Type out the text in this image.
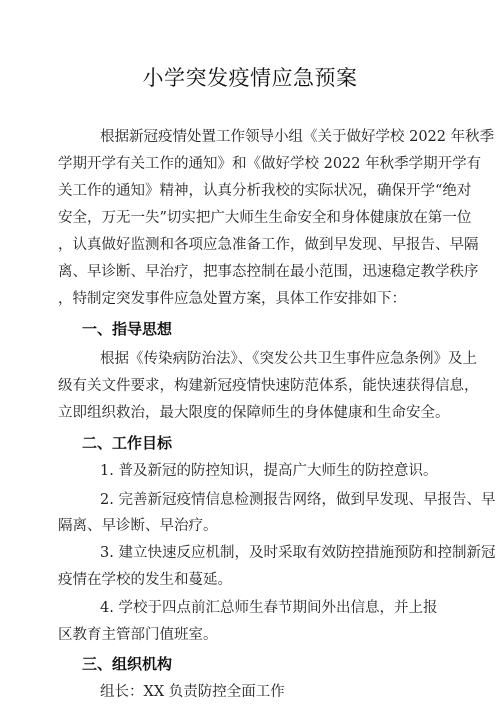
小学突发疫情应急预案
根据新冠疫情处置工作领导小组《关于做好学校 2022 年秋季
学期开学有关工作的通知》和《做好学校 2022 年秋季学期开学有
关工作的通知》精神，认真分析我校的实际状况，确保开学“绝对
安全，万无一失”切实把广大师生生命安全和身体健康放在第一位
，认真做好监测和各项应急准备工作，做到早发现、早报告、早隔
离、早诊断、早治疗，把事态控制在最小范围，迅速稳定教学秩序
，特制定突发事件应急处置方案，具体工作安排如下：
一、指导思想
根据《传染病防治法》、《突发公共卫生事件应急条例》及上
级有关文件要求，构建新冠疫情快速防范体系，能快速获得信息，
立即组织救治，最大限度的保障师生的身体健康和生命安全。
二、工作目标
1. 普及新冠的防控知识，提高广大师生的防控意识。
2. 完善新冠疫情信息检测报告网络，做到早发现、早报告、早
隔离、早诊断、早治疗。
3. 建立快速反应机制，及时采取有效防控措施预防和控制新冠
疫情在学校的发生和蔓延。
4. 学校于四点前汇总师生春节期间外出信息，并上报
区教育主管部门值班室。
三、组织机构
组长：XX 负责防控全面工作
